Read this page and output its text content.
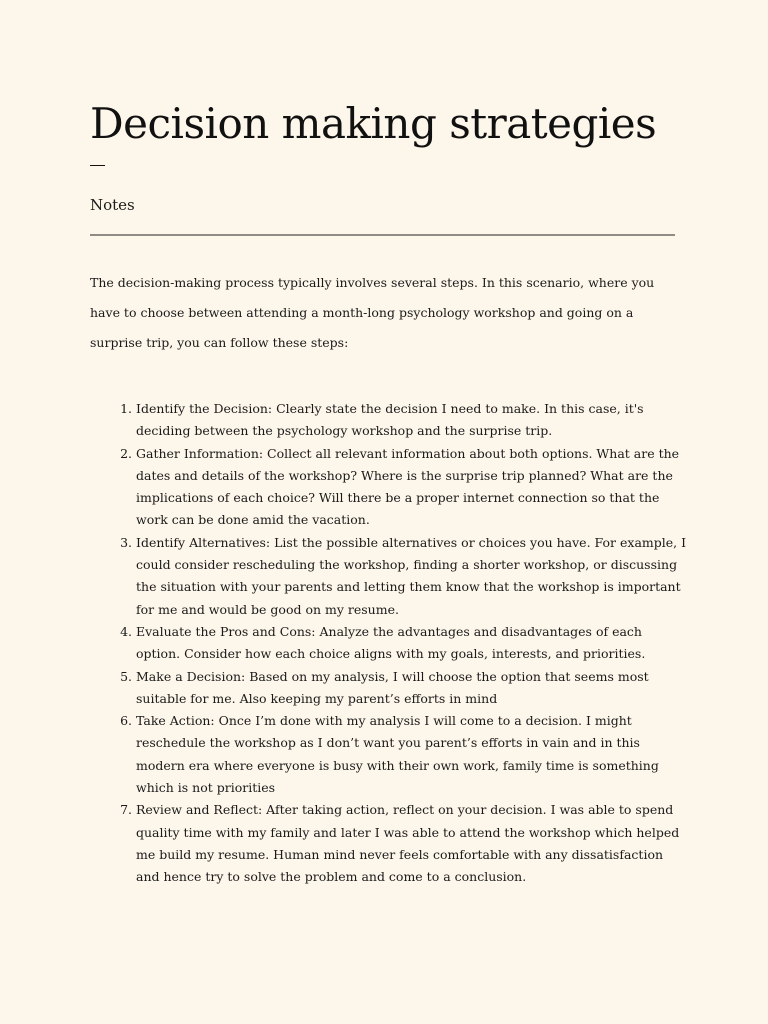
Decision making strategies
Notes

The decision-making process typically involves several steps. In this scenario, where you have to choose between attending a month-long psychology workshop and going on a surprise trip, you can follow these steps:

1. Identify the Decision: Clearly state the decision I need to make. In this case, it's deciding between the psychology workshop and the surprise trip.
2. Gather Information: Collect all relevant information about both options. What are the dates and details of the workshop? Where is the surprise trip planned? What are the implications of each choice? Will there be a proper internet connection so that the work can be done amid the vacation.
3. Identify Alternatives: List the possible alternatives or choices you have. For example, I could consider rescheduling the workshop, finding a shorter workshop, or discussing the situation with your parents and letting them know that the workshop is important for me and would be good on my resume.
4. Evaluate the Pros and Cons: Analyze the advantages and disadvantages of each option. Consider how each choice aligns with my goals, interests, and priorities.
5. Make a Decision: Based on my analysis, I will choose the option that seems most suitable for me. Also keeping my parent’s efforts in mind
6. Take Action: Once I’m done with my analysis I will come to a decision. I might reschedule the workshop as I don’t want you parent’s efforts in vain and in this modern era where everyone is busy with their own work, family time is something which is not priorities
7. Review and Reflect: After taking action, reflect on your decision. I was able to spend quality time with my family and later I was able to attend the workshop which helped me build my resume. Human mind never feels comfortable with any dissatisfaction and hence try to solve the problem and come to a conclusion.
